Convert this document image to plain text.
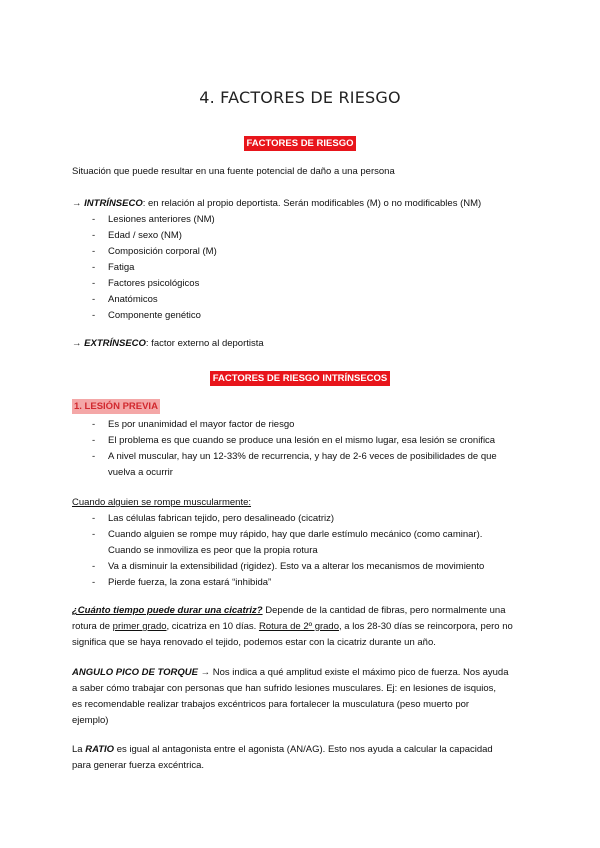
4. FACTORES DE RIESGO
FACTORES DE RIESGO
Situación que puede resultar en una fuente potencial de daño a una persona
→ INTRÍNSECO: en relación al propio deportista. Serán modificables (M) o no modificables (NM)
-	Lesiones anteriores (NM)
-	Edad / sexo (NM)
-	Composición corporal (M)
-	Fatiga
-	Factores psicológicos
-	Anatómicos
-	Componente genético
→ EXTRÍNSECO: factor externo al deportista
FACTORES DE RIESGO INTRÍNSECOS
1. LESIÓN PREVIA
-	Es por unanimidad el mayor factor de riesgo
-	El problema es que cuando se produce una lesión en el mismo lugar, esa lesión se cronifica
-	A nivel muscular, hay un 12-33% de recurrencia, y hay de 2-6 veces de posibilidades de que
vuelva a ocurrir
Cuando alguien se rompe muscularmente:
-	Las células fabrican tejido, pero desalineado (cicatriz)
-	Cuando alguien se rompe muy rápido, hay que darle estímulo mecánico (como caminar).
Cuando se inmoviliza es peor que la propia rotura
-	Va a disminuir la extensibilidad (rigidez). Esto va a alterar los mecanismos de movimiento
-	Pierde fuerza, la zona estará “inhibida”
¿Cuánto tiempo puede durar una cicatriz? Depende de la cantidad de fibras, pero normalmente una
rotura de primer grado, cicatriza en 10 días. Rotura de 2º grado, a los 28-30 días se reincorpora, pero no
significa que se haya renovado el tejido, podemos estar con la cicatriz durante un año.
ANGULO PICO DE TORQUE → Nos indica a qué amplitud existe el máximo pico de fuerza. Nos ayuda
a saber cómo trabajar con personas que han sufrido lesiones musculares. Ej: en lesiones de isquios,
es recomendable realizar trabajos excéntricos para fortalecer la musculatura (peso muerto por
ejemplo)
La RATIO es igual al antagonista entre el agonista (AN/AG). Esto nos ayuda a calcular la capacidad
para generar fuerza excéntrica.
